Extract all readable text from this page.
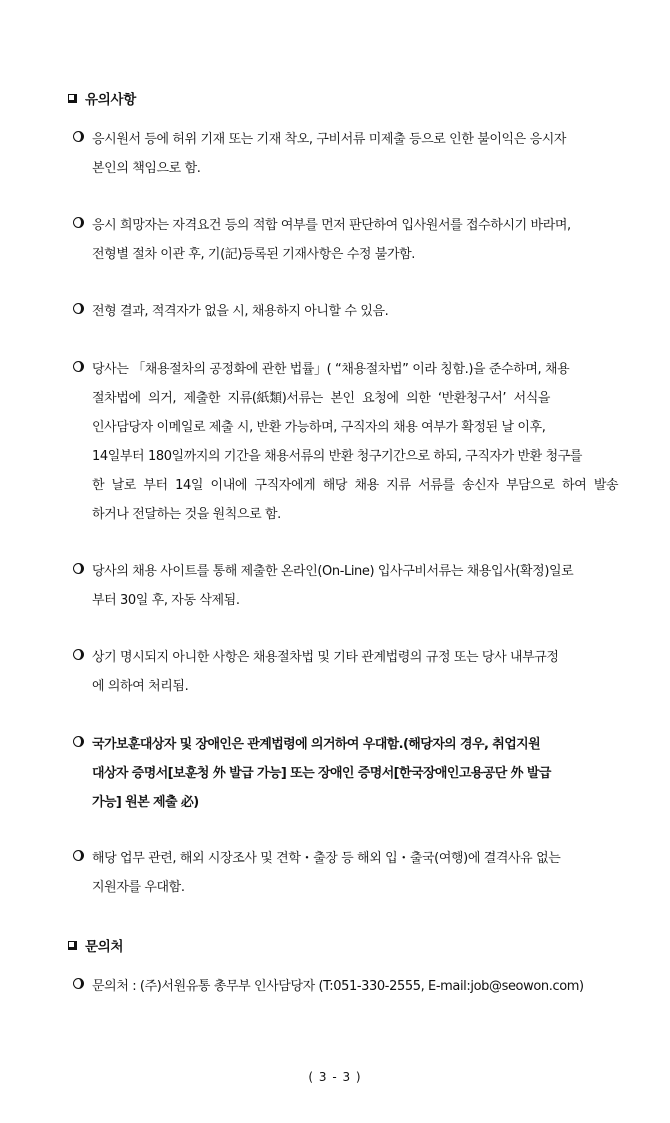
유의사항
응시원서 등에 허위 기재 또는 기재 착오, 구비서류 미제출 등으로 인한 불이익은 응시자
본인의 책임으로 함.
응시 희망자는 자격요건 등의 적합 여부를 먼저 판단하여 입사원서를 접수하시기 바라며,
전형별 절차 이관 후, 기(記)등록된 기재사항은 수정 불가함.
전형 결과, 적격자가 없을 시, 채용하지 아니할 수 있음.
당사는 「채용절차의 공정화에 관한 법률」( “채용절차법” 이라 칭함.)을 준수하며, 채용
절차법에  의거,  제출한  지류(紙類)서류는  본인  요청에  의한  ‘반환청구서’  서식을
인사담당자 이메일로 제출 시, 반환 가능하며, 구직자의 채용 여부가 확정된 날 이후,
14일부터 180일까지의 기간을 채용서류의 반환 청구기간으로 하되, 구직자가 반환 청구를
한  날로  부터  14일  이내에  구직자에게  해당  채용  지류  서류를  송신자  부담으로  하여  발송
하거나 전달하는 것을 원칙으로 함.
당사의 채용 사이트를 통해 제출한 온라인(On-Line) 입사구비서류는 채용입사(확정)일로
부터 30일 후, 자동 삭제됨.
상기 명시되지 아니한 사항은 채용절차법 및 기타 관계법령의 규정 또는 당사 내부규정
에 의하여 처리됨.
국가보훈대상자 및 장애인은 관계법령에 의거하여 우대함.(해당자의 경우, 취업지원
대상자 증명서[보훈청 外 발급 가능] 또는 장애인 증명서[한국장애인고용공단 外 발급
가능] 원본 제출 必)
해당 업무 관련, 해외 시장조사 및 견학・출장 등 해외 입・출국(여행)에 결격사유 없는
지원자를 우대함.
문의처
문의처 : (주)서원유통 총무부 인사담당자 (T:051-330-2555, E-mail:job@seowon.com)
( 3 - 3 )
